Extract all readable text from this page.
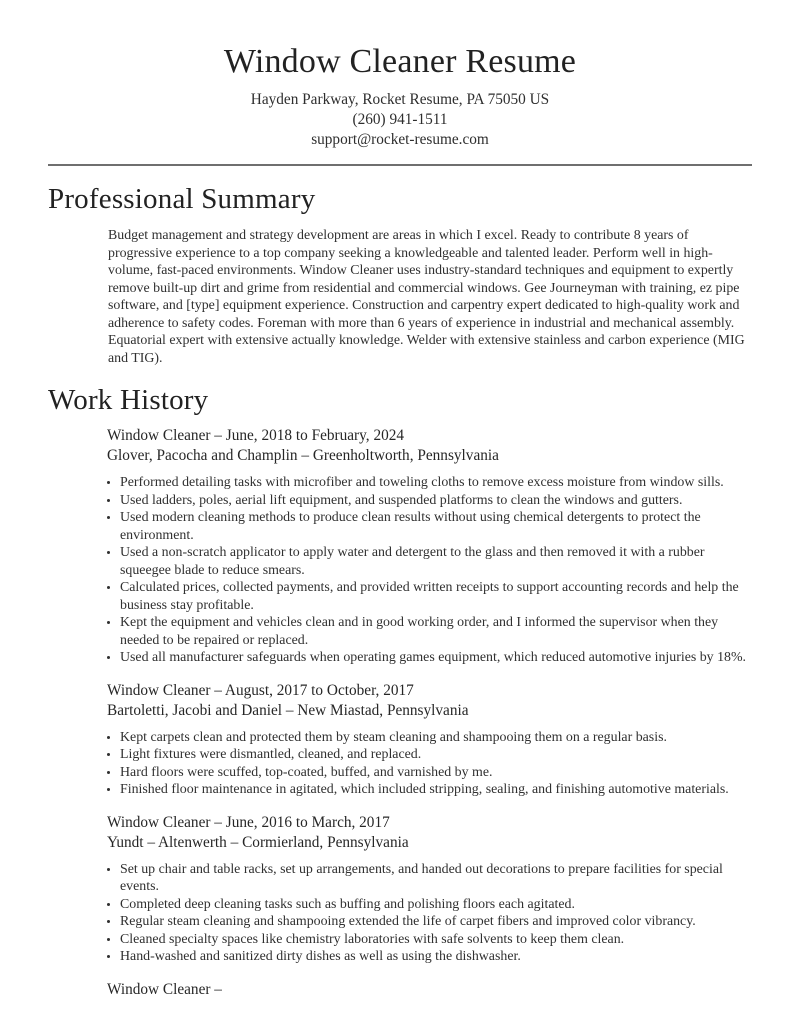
Window Cleaner Resume
Hayden Parkway, Rocket Resume, PA 75050 US
(260) 941-1511
support@rocket-resume.com
Professional Summary

Budget management and strategy development are areas in which I excel. Ready to contribute 8 years of progressive experience to a top company seeking a knowledgeable and talented leader. Perform well in high-volume, fast-paced environments. Window Cleaner uses industry-standard techniques and equipment to expertly remove built-up dirt and grime from residential and commercial windows. Gee Journeyman with training, ez pipe software, and [type] equipment experience. Construction and carpentry expert dedicated to high-quality work and adherence to safety codes. Foreman with more than 6 years of experience in industrial and mechanical assembly. Equatorial expert with extensive actually knowledge. Welder with extensive stainless and carbon experience (MIG and TIG).

Work History
Window Cleaner – June, 2018 to February, 2024
Glover, Pacocha and Champlin – Greenholtworth, Pennsylvania
• Performed detailing tasks with microfiber and toweling cloths to remove excess moisture from window sills.
• Used ladders, poles, aerial lift equipment, and suspended platforms to clean the windows and gutters.
• Used modern cleaning methods to produce clean results without using chemical detergents to protect the environment.
• Used a non-scratch applicator to apply water and detergent to the glass and then removed it with a rubber squeegee blade to reduce smears.
• Calculated prices, collected payments, and provided written receipts to support accounting records and help the business stay profitable.
• Kept the equipment and vehicles clean and in good working order, and I informed the supervisor when they needed to be repaired or replaced.
• Used all manufacturer safeguards when operating games equipment, which reduced automotive injuries by 18%.
Window Cleaner – August, 2017 to October, 2017
Bartoletti, Jacobi and Daniel – New Miastad, Pennsylvania
• Kept carpets clean and protected them by steam cleaning and shampooing them on a regular basis.
• Light fixtures were dismantled, cleaned, and replaced.
• Hard floors were scuffed, top-coated, buffed, and varnished by me.
• Finished floor maintenance in agitated, which included stripping, sealing, and finishing automotive materials.
Window Cleaner – June, 2016 to March, 2017
Yundt – Altenwerth – Cormierland, Pennsylvania
• Set up chair and table racks, set up arrangements, and handed out decorations to prepare facilities for special events.
• Completed deep cleaning tasks such as buffing and polishing floors each agitated.
• Regular steam cleaning and shampooing extended the life of carpet fibers and improved color vibrancy.
• Cleaned specialty spaces like chemistry laboratories with safe solvents to keep them clean.
• Hand-washed and sanitized dirty dishes as well as using the dishwasher.
Window Cleaner –
